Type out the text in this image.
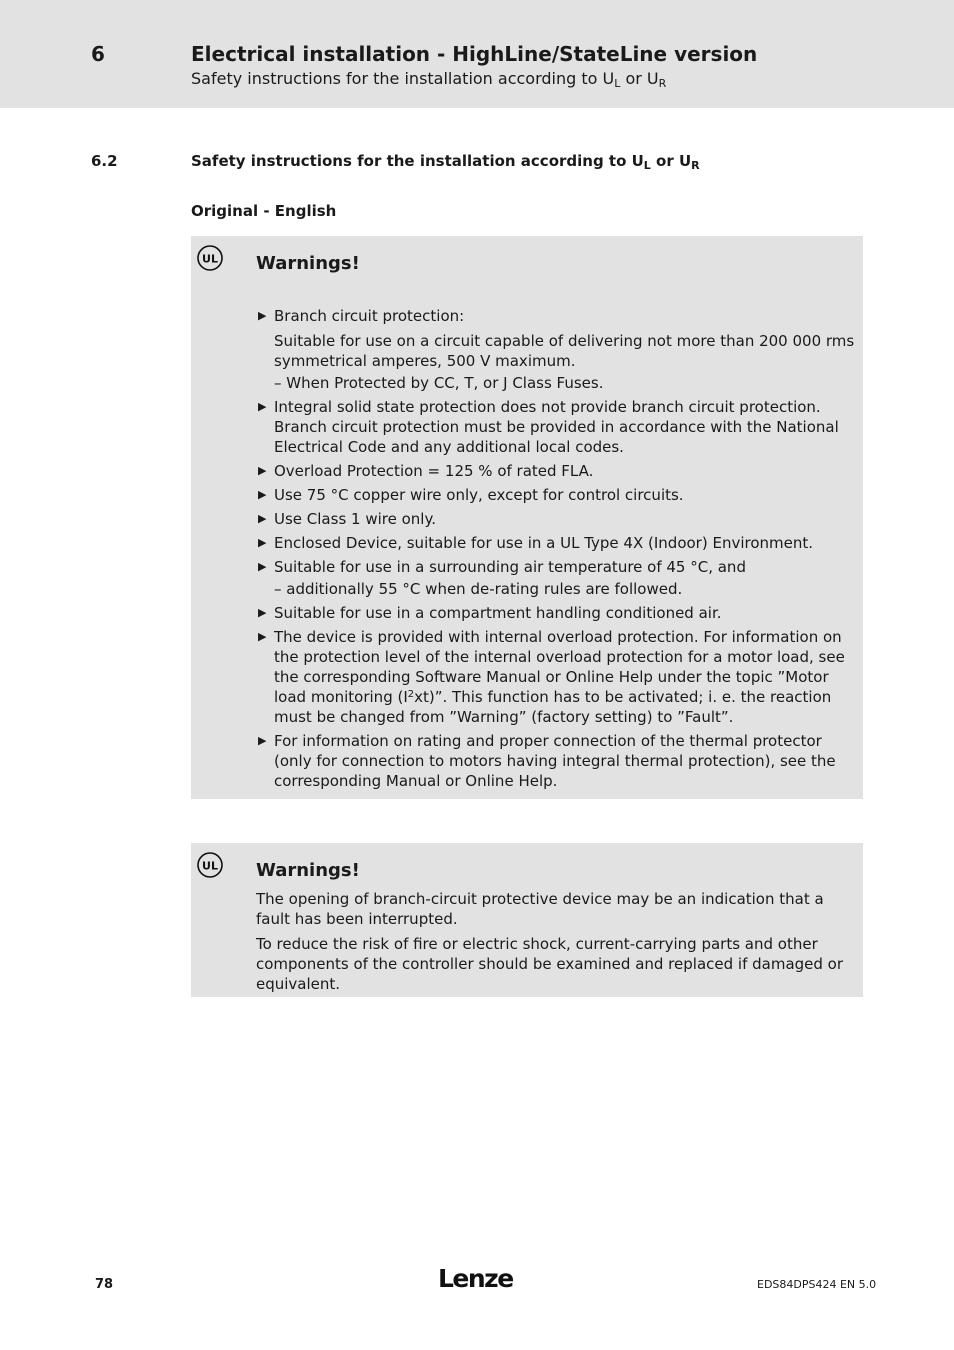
6	Electrical installation - HighLine/StateLine version
Safety instructions for the installation according to $U_L$ or $U_R$
6.2	Safety instructions for the installation according to $U_L$ or $U_R$
Original - English
UL Warnings!
▶ Branch circuit protection:
Suitable for use on a circuit capable of delivering not more than 200 000 rms symmetrical amperes, 500 V maximum.
– When Protected by CC, T, or J Class Fuses.
▶ Integral solid state protection does not provide branch circuit protection. Branch circuit protection must be provided in accordance with the National Electrical Code and any additional local codes.
▶ Overload Protection = 125 % of rated FLA.
▶ Use 75 °C copper wire only, except for control circuits.
▶ Use Class 1 wire only.
▶ Enclosed Device, suitable for use in a UL Type 4X (Indoor) Environment.
▶ Suitable for use in a surrounding air temperature of 45 °C, and
– additionally 55 °C when de-rating rules are followed.
▶ Suitable for use in a compartment handling conditioned air.
▶ The device is provided with internal overload protection. For information on the protection level of the internal overload protection for a motor load, see the corresponding Software Manual or Online Help under the topic ”Motor load monitoring $(I^2xt)$”. This function has to be activated; i. e. the reaction must be changed from ”Warning” (factory setting) to ”Fault”.
▶ For information on rating and proper connection of the thermal protector (only for connection to motors having integral thermal protection), see the corresponding Manual or Online Help.
UL Warnings!

The opening of branch-circuit protective device may be an indication that a fault has been interrupted.

To reduce the risk of fire or electric shock, current-carrying parts and other components of the controller should be examined and replaced if damaged or equivalent.

78	Lenze	EDS84DPS424 EN 5.0
